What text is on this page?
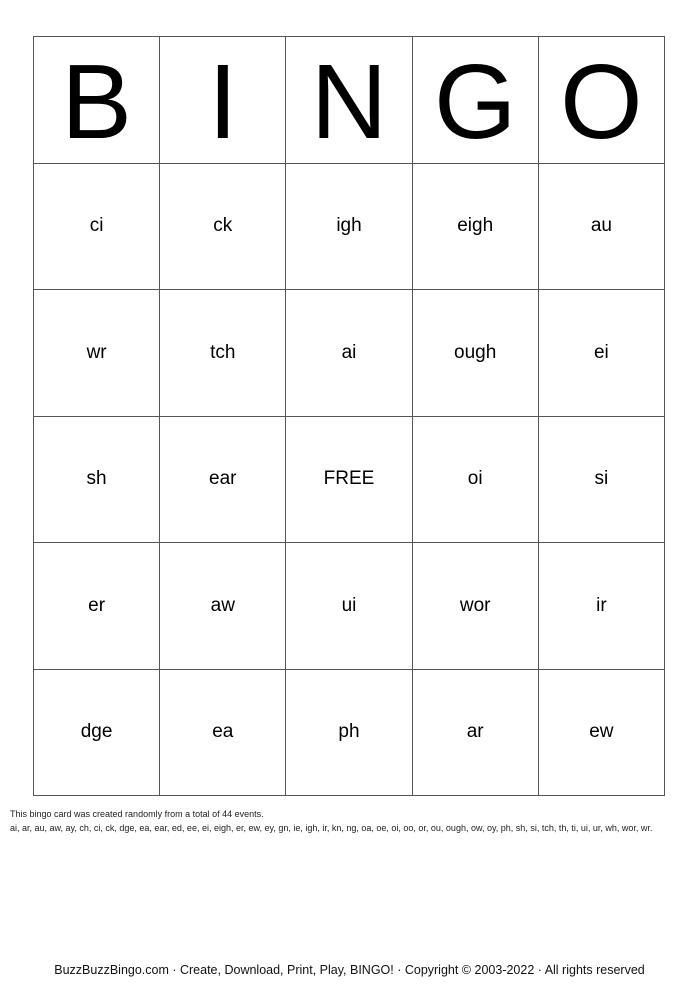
B I N G O
ci	ck	igh	eigh	au
wr	tch	ai	ough	ei
sh	ear	FREE	oi	si
er	aw	ui	wor	ir
dge	ea	ph	ar	ew
This bingo card was created randomly from a total of 44 events.
ai, ar, au, aw, ay, ch, ci, ck, dge, ea, ear, ed, ee, ei, eigh, er, ew, ey, gn, ie, igh, ir, kn, ng, oa, oe, oi, oo, or, ou, ough, ow, oy, ph, sh, si, tch, th, ti, ui, ur, wh, wor, wr.
BuzzBuzzBingo.com · Create, Download, Print, Play, BINGO! · Copyright © 2003-2022 · All rights reserved
